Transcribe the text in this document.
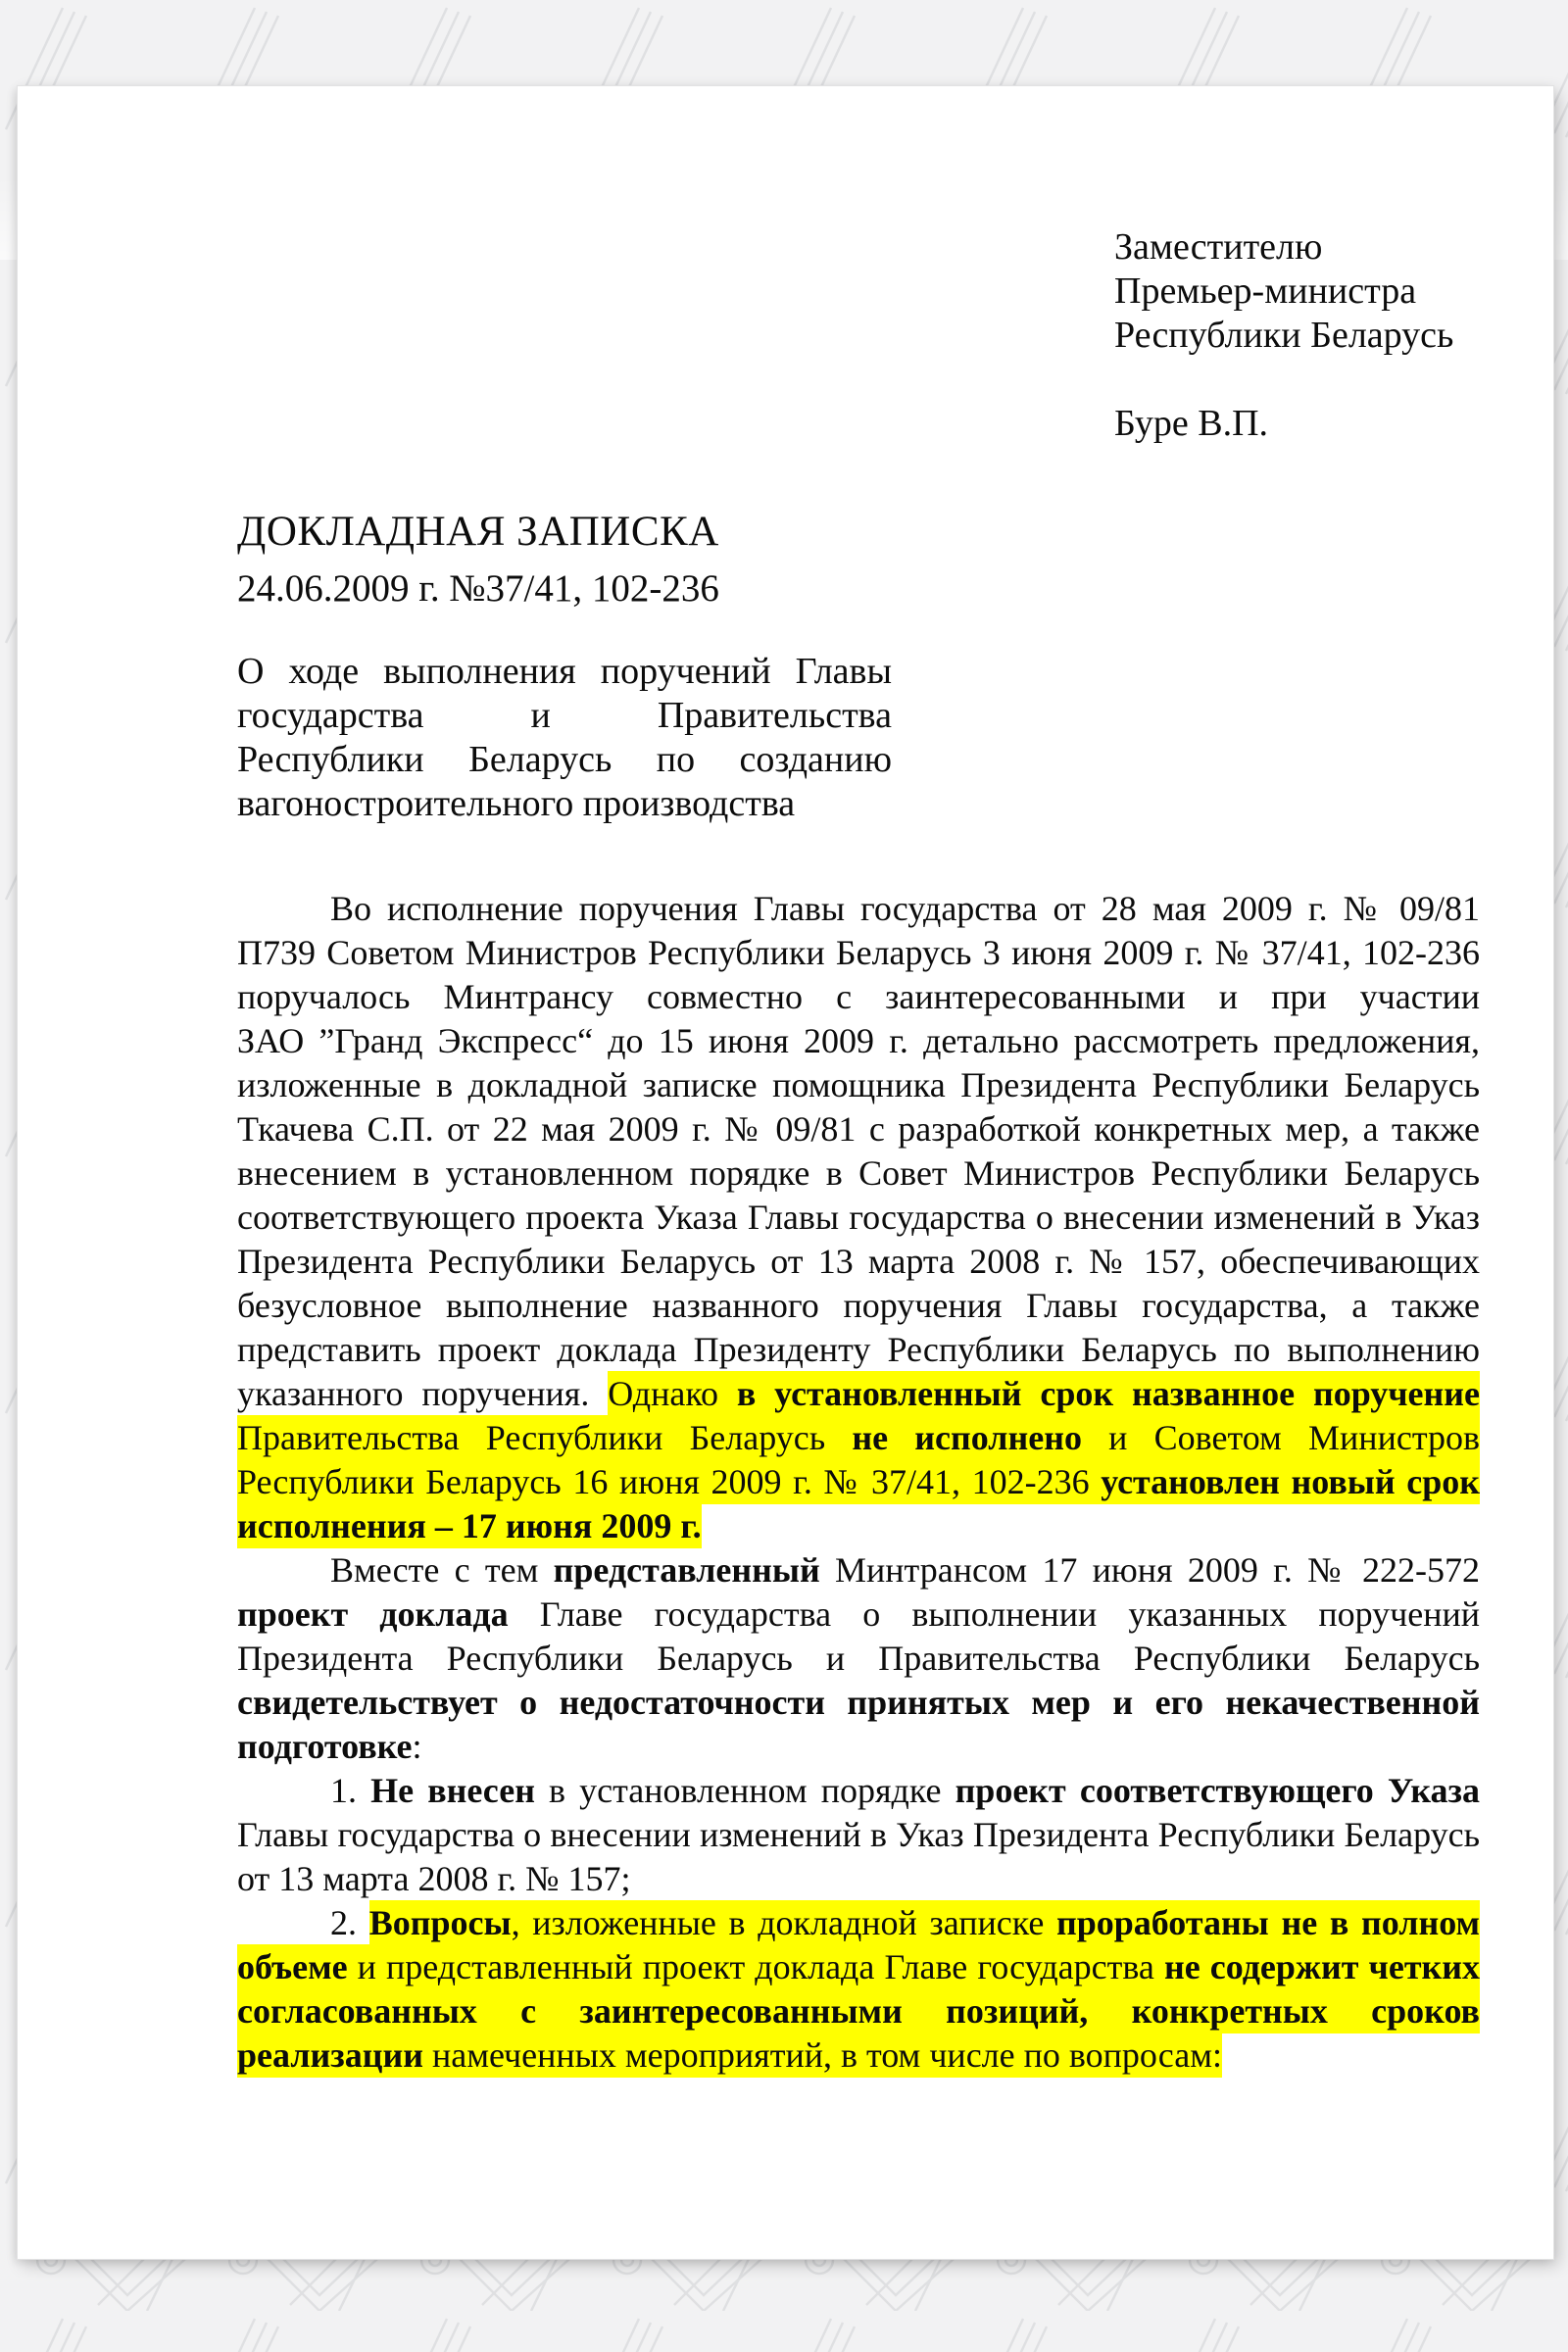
Заместителю
Премьер-министра
Республики Беларусь
Буре В.П.
ДОКЛАДНАЯ ЗАПИСКА
24.06.2009 г. №37/41, 102-236
О ходе выполнения поручений Главы государства и Правительства Республики Беларусь по созданию вагоностроительного производства

Во исполнение поручения Главы государства от 28 мая 2009 г. № 09/81 П739 Советом Министров Республики Беларусь 3 июня 2009 г. № 37/41, 102-236 поручалось Минтрансу совместно с заинтересованными и при участии ЗАО ”Гранд Экспресс“ до 15 июня 2009 г. детально рассмотреть предложения, изложенные в докладной записке помощника Президента Республики Беларусь Ткачева С.П. от 22 мая 2009 г. № 09/81 с разработкой конкретных мер, а также внесением в установленном порядке в Совет Министров Республики Беларусь соответствующего проекта Указа Главы государства о внесении изменений в Указ Президента Республики Беларусь от 13 марта 2008 г. № 157, обеспечивающих безусловное выполнение названного поручения Главы государства, а также представить проект доклада Президенту Республики Беларусь по выполнению указанного поручения. Однако в установленный срок названное поручение Правительства Республики Беларусь не исполнено и Советом Министров Республики Беларусь 16 июня 2009 г. № 37/41, 102-236 установлен новый срок исполнения – 17 июня 2009 г.

Вместе с тем представленный Минтрансом 17 июня 2009 г. № 222-572 проект доклада Главе государства о выполнении указанных поручений Президента Республики Беларусь и Правительства Республики Беларусь свидетельствует о недостаточности принятых мер и его некачественной подготовке:

1. Не внесен в установленном порядке проект соответствующего Указа Главы государства о внесении изменений в Указ Президента Республики Беларусь от 13 марта 2008 г. № 157;

2. Вопросы, изложенные в докладной записке проработаны не в полном объеме и представленный проект доклада Главе государства не содержит четких согласованных с заинтересованными позиций, конкретных сроков реализации намеченных мероприятий, в том числе по вопросам:
